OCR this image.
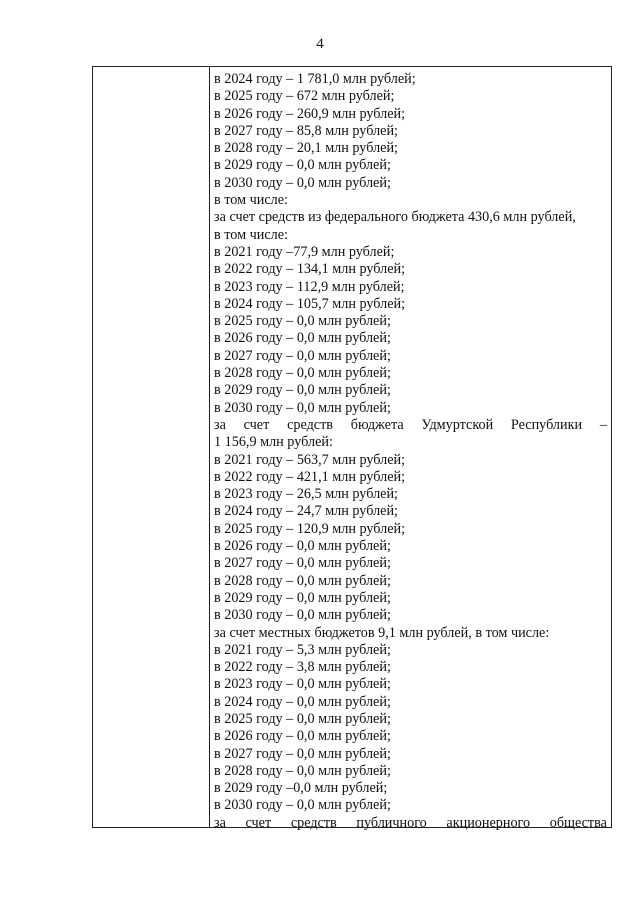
4
в 2024 году – 1 781,0 млн рублей;
в 2025 году – 672 млн рублей;
в 2026 году – 260,9 млн рублей;
в 2027 году – 85,8 млн рублей;
в 2028 году – 20,1 млн рублей;
в 2029 году – 0,0 млн рублей;
в 2030 году – 0,0 млн рублей;
в том числе:
за счет средств из федерального бюджета 430,6 млн рублей,
в том числе:
в 2021 году –77,9 млн рублей;
в 2022 году – 134,1 млн рублей;
в 2023 году – 112,9 млн рублей;
в 2024 году – 105,7 млн рублей;
в 2025 году – 0,0 млн рублей;
в 2026 году – 0,0 млн рублей;
в 2027 году – 0,0 млн рублей;
в 2028 году – 0,0 млн рублей;
в 2029 году – 0,0 млн рублей;
в 2030 году – 0,0 млн рублей;
за счет средств бюджета Удмуртской Республики –
1 156,9 млн рублей:
в 2021 году – 563,7 млн рублей;
в 2022 году – 421,1 млн рублей;
в 2023 году – 26,5 млн рублей;
в 2024 году – 24,7 млн рублей;
в 2025 году – 120,9 млн рублей;
в 2026 году – 0,0 млн рублей;
в 2027 году – 0,0 млн рублей;
в 2028 году – 0,0 млн рублей;
в 2029 году – 0,0 млн рублей;
в 2030 году – 0,0 млн рублей;
за счет местных бюджетов 9,1 млн рублей, в том числе:
в 2021 году – 5,3 млн рублей;
в 2022 году – 3,8 млн рублей;
в 2023 году – 0,0 млн рублей;
в 2024 году – 0,0 млн рублей;
в 2025 году – 0,0 млн рублей;
в 2026 году – 0,0 млн рублей;
в 2027 году – 0,0 млн рублей;
в 2028 году – 0,0 млн рублей;
в 2029 году –0,0 млн рублей;
в 2030 году – 0,0 млн рублей;
за счет средств публичного акционерного общества
